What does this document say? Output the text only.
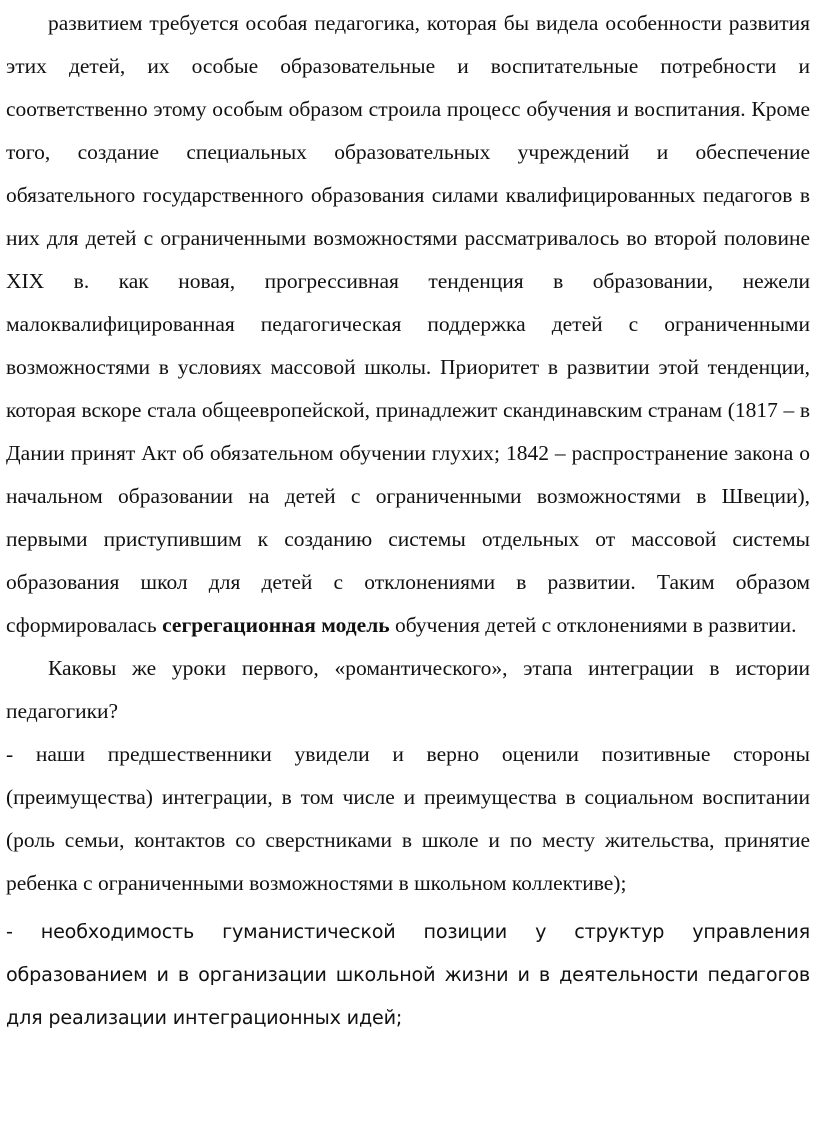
развитием требуется особая педагогика, которая бы видела особенности развития этих детей, их особые образовательные и воспитательные потребности и соответственно этому особым образом строила процесс обучения и воспитания. Кроме того, создание специальных образовательных учреждений и обеспечение обязательного государственного образования силами квалифицированных педагогов в них для детей с ограниченными возможностями рассматривалось во второй половине XIX в. как новая, прогрессивная тенденция в образовании, нежели малоквалифицированная педагогическая поддержка детей с ограниченными возможностями в условиях массовой школы. Приоритет в развитии этой тенденции, которая вскоре стала общеевропейской, принадлежит скандинавским странам (1817 – в Дании принят Акт об обязательном обучении глухих; 1842 – распространение закона о начальном образовании на детей с ограниченными возможностями в Швеции), первыми приступившим к созданию системы отдельных от массовой системы образования школ для детей с отклонениями в развитии. Таким образом сформировалась сегрегационная модель обучения детей с отклонениями в развитии.

Каковы же уроки первого, «романтического», этапа интеграции в истории педагогики?

- наши предшественники увидели и верно оценили позитивные стороны (преимущества) интеграции, в том числе и преимущества в социальном воспитании (роль семьи, контактов со сверстниками в школе и по месту жительства, принятие ребенка с ограниченными возможностями в школьном коллективе);

- необходимость гуманистической позиции у структур управления образованием и в организации школьной жизни и в деятельности педагогов для реализации интеграционных идей;
